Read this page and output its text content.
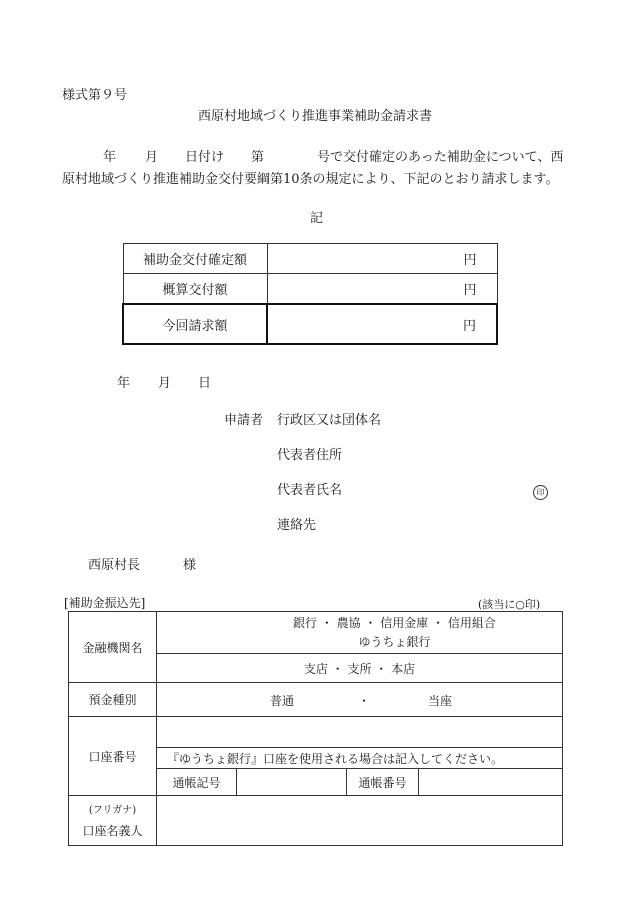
様式第９号
西原村地域づくり推進事業補助金請求書
年 月 日付け 第	号で交付確定のあった補助金について、西
原村地域づくり推進補助金交付要綱第10条の規定により、下記のとおり請求します。
記
補助金交付確定額	円
概算交付額	円
今回請求額	円
年 月 日
申請者 行政区又は団体名
代表者住所
代表者氏名	印
連絡先
西原村長	様
[補助金振込先]	(該当に○印)
金融機関名	銀行 ・ 農協 ・ 信用金庫 ・ 信用組合
ゆうちょ銀行			

	支店 ・ 支所 ・ 本店			
預金種別	普通 ・ 当座			

口座番号				
	『ゆうちょ銀行』口座を使用される場合は記入してください。			
	通帳記号		通帳番号	

(フリガナ)
口座名義人				
